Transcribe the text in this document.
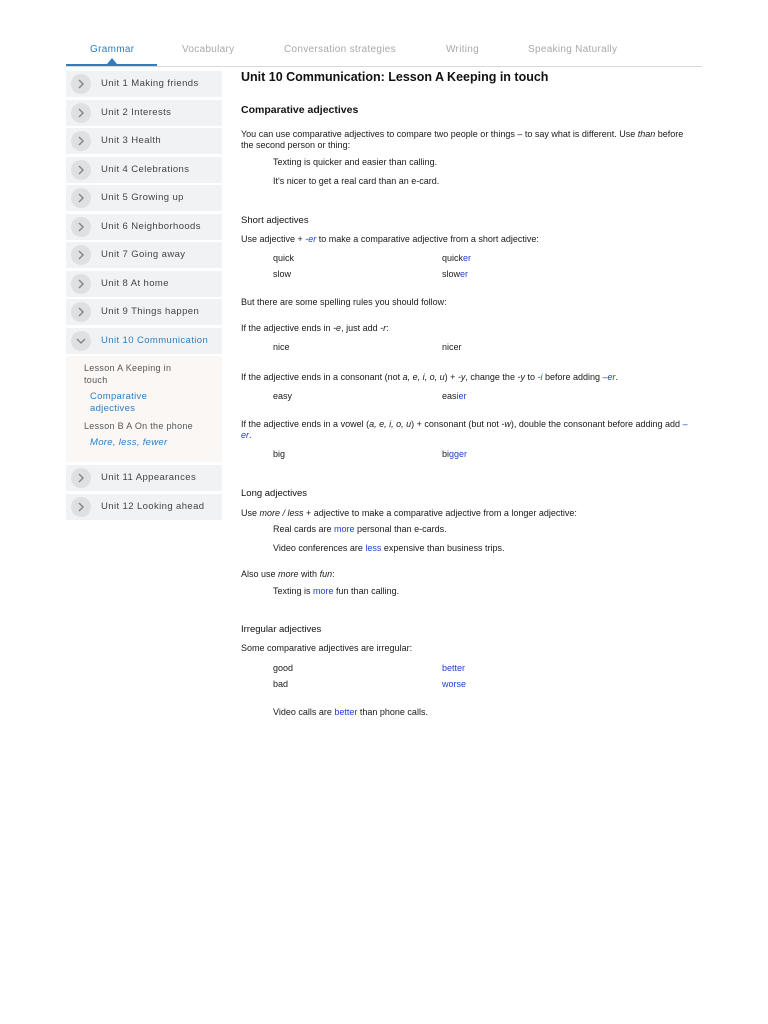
Grammar	Vocabulary	Conversation strategies	Writing	Speaking Naturally
Unit 1 Making friends
Unit 2 Interests
Unit 3 Health
Unit 4 Celebrations
Unit 5 Growing up
Unit 6 Neighborhoods
Unit 7 Going away
Unit 8 At home
Unit 9 Things happen
Unit 10 Communication
Lesson A Keeping in touch
Comparative adjectives
Lesson B A On the phone
More, less, fewer
Unit 11 Appearances
Unit 12 Looking ahead
Unit 10 Communication: Lesson A Keeping in touch
Comparative adjectives
You can use comparative adjectives to compare two people or things – to say what is different. Use than before the second person or thing:
Texting is quicker and easier than calling.
It's nicer to get a real card than an e-card.
Short adjectives
Use adjective + -er to make a comparative adjective from a short adjective:
quick	quicker
slow	slower
But there are some spelling rules you should follow:
If the adjective ends in -e, just add -r:
nice	nicer
If the adjective ends in a consonant (not a, e, i, o, u) + -y, change the -y to -i before adding –er.
easy	easier
If the adjective ends in a vowel (a, e, i, o, u) + consonant (but not -w), double the consonant before adding add –er.
big	bigger
Long adjectives
Use more / less + adjective to make a comparative adjective from a longer adjective:
Real cards are more personal than e-cards.
Video conferences are less expensive than business trips.
Also use more with fun:
Texting is more fun than calling.
Irregular adjectives
Some comparative adjectives are irregular:
good	better
bad	worse
Video calls are better than phone calls.
